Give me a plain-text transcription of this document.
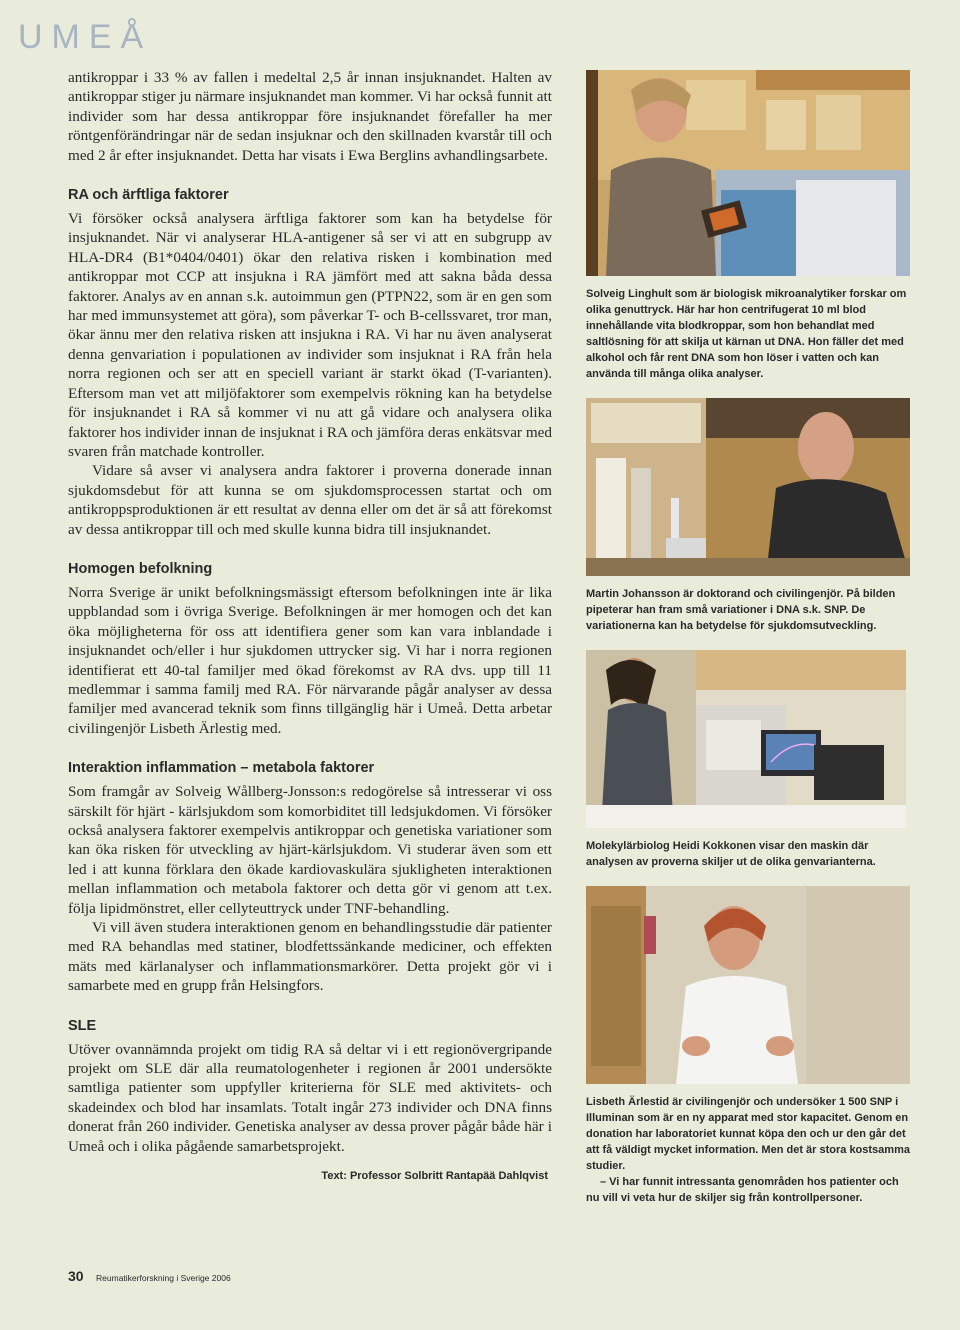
UMEÅ

antikroppar i 33 % av fallen i medeltal 2,5 år innan insjuknandet. Halten av antikroppar stiger ju närmare insjuknandet man kommer. Vi har också funnit att individer som har dessa antikroppar före insjuknandet förefaller ha mer röntgenförändringar när de sedan insjuknar och den skillnaden kvarstår till och med 2 år efter insjuknandet. Detta har visats i Ewa Berglins avhandlingsarbete.

RA och ärftliga faktorer

Vi försöker också analysera ärftliga faktorer som kan ha betydelse för insjuknandet. När vi analyserar HLA-antigener så ser vi att en subgrupp av HLA-DR4 (B1*0404/0401) ökar den relativa risken i kombination med antikroppar mot CCP att insjukna i RA jämfört med att sakna båda dessa faktorer. Analys av en annan s.k. autoimmun gen (PTPN22, som är en gen som har med immunsystemet att göra), som påverkar T- och B-cellssvaret, tror man, ökar ännu mer den relativa risken att insjukna i RA. Vi har nu även analyserat denna genvariation i populationen av individer som insjuknat i RA från hela norra regionen och ser att en speciell variant är starkt ökad (T-varianten). Eftersom man vet att miljöfaktorer som exempelvis rökning kan ha betydelse för insjuknandet i RA så kommer vi nu att gå vidare och analysera olika faktorer hos individer innan de insjuknat i RA och jämföra deras enkätsvar med svaren från matchade kontroller.

Vidare så avser vi analysera andra faktorer i proverna donerade innan sjukdomsdebut för att kunna se om sjukdomsprocessen startat och om antikroppsproduktionen är ett resultat av denna eller om det är så att förekomst av dessa antikroppar till och med skulle kunna bidra till insjuknandet.

Homogen befolkning

Norra Sverige är unikt befolkningsmässigt eftersom befolkningen inte är lika uppblandad som i övriga Sverige. Befolkningen är mer homogen och det kan öka möjligheterna för oss att identifiera gener som kan vara inblandade i insjuknandet och/eller i hur sjukdomen uttrycker sig. Vi har i norra regionen identifierat ett 40-tal familjer med ökad förekomst av RA dvs. upp till 11 medlemmar i samma familj med RA. För närvarande pågår analyser av dessa familjer med avancerad teknik som finns tillgänglig här i Umeå. Detta arbetar civilingenjör Lisbeth Ärlestig med.

Interaktion inflammation – metabola faktorer

Som framgår av Solveig Wållberg-Jonsson:s redogörelse så intresserar vi oss särskilt för hjärt - kärlsjukdom som komorbiditet till ledsjukdomen. Vi försöker också analysera faktorer exempelvis antikroppar och genetiska variationer som kan öka risken för utveckling av hjärt-kärlsjukdom. Vi studerar även som ett led i att kunna förklara den ökade kardiovaskulära sjukligheten interaktionen mellan inflammation och metabola faktorer och detta gör vi genom att t.ex. följa lipidmönstret, eller cellyteuttryck under TNF-behandling.

Vi vill även studera interaktionen genom en behandlingsstudie där patienter med RA behandlas med statiner, blodfettssänkande mediciner, och effekten mäts med kärlanalyser och inflammationsmarkörer. Detta projekt gör vi i samarbete med en grupp från Helsingfors.

SLE

Utöver ovannämnda projekt om tidig RA så deltar vi i ett regionövergripande projekt om SLE där alla reumatologenheter i regionen år 2001 undersökte samtliga patienter som uppfyller kriterierna för SLE med aktivitets- och skadeindex och blod har insamlats. Totalt ingår 273 individer och DNA finns donerat från 260 individer. Genetiska analyser av dessa prover pågår både här i Umeå och i olika pågående samarbetsprojekt.

Text: Professor Solbritt Rantapää Dahlqvist
Solveig Linghult som är biologisk mikroanalytiker forskar om olika genuttryck. Här har hon centrifugerat 10 ml blod innehållande vita blodkroppar, som hon behandlat med saltlösning för att skilja ut kärnan ut DNA. Hon fäller det med alkohol och får rent DNA som hon löser i vatten och kan använda till många olika analyser.
Martin Johansson är doktorand och civilingenjör. På bilden pipeterar han fram små variationer i DNA s.k. SNP. De variationerna kan ha betydelse för sjukdomsutveckling.
Molekylärbiolog Heidi Kokkonen visar den maskin där analysen av proverna skiljer ut de olika genvarianterna.
Lisbeth Ärlestid är civilingenjör och undersöker 1 500 SNP i Illuminan som är en ny apparat med stor kapacitet. Genom en donation har laboratoriet kunnat köpa den och ur den går det att få väldigt mycket information. Men det är stora kostsamma studier.
– Vi har funnit intressanta genområden hos patienter och nu vill vi veta hur de skiljer sig från kontrollpersoner.
30 Reumatikerforskning i Sverige 2006
